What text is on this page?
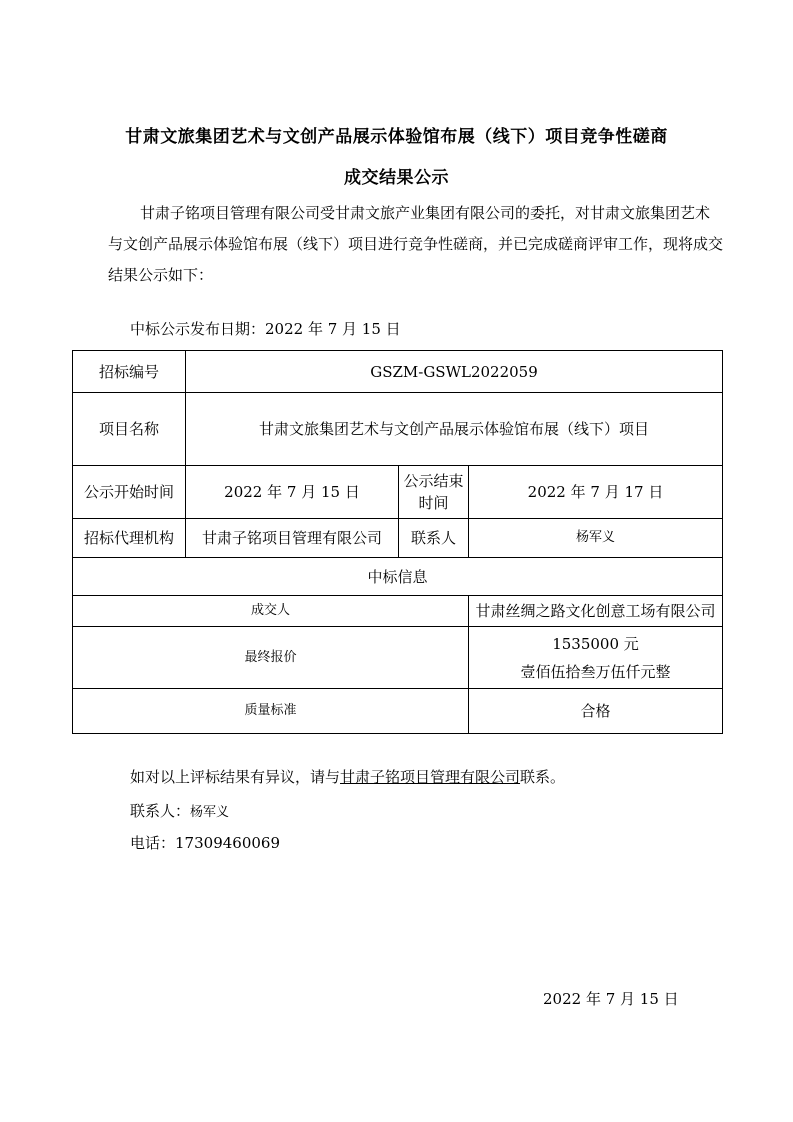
甘肃文旅集团艺术与文创产品展示体验馆布展（线下）项目竞争性磋商
成交结果公示

甘肃子铭项目管理有限公司受甘肃文旅产业集团有限公司的委托，对甘肃文旅集团艺术与文创产品展示体验馆布展（线下）项目进行竞争性磋商，并已完成磋商评审工作，现将成交结果公示如下：

中标公示发布日期：2022 年 7 月 15 日
招标编号	GSZM-GSWL2022059		
项目名称	甘肃文旅集团艺术与文创产品展示体验馆布展（线下）项目		
公示开始时间	2022 年 7 月 15 日	公示结束时间	2022 年 7 月 17 日
招标代理机构	甘肃子铭项目管理有限公司	联系人	杨军义
中标信息			
成交人			甘肃丝绸之路文化创意工场有限公司
最终报价			1535000 元
壹佰伍拾叁万伍仟元整

质量标准			合格
如对以上评标结果有异议，请与甘肃子铭项目管理有限公司联系。
联系人：杨军义
电话：17309460069
2022 年 7 月 15 日
